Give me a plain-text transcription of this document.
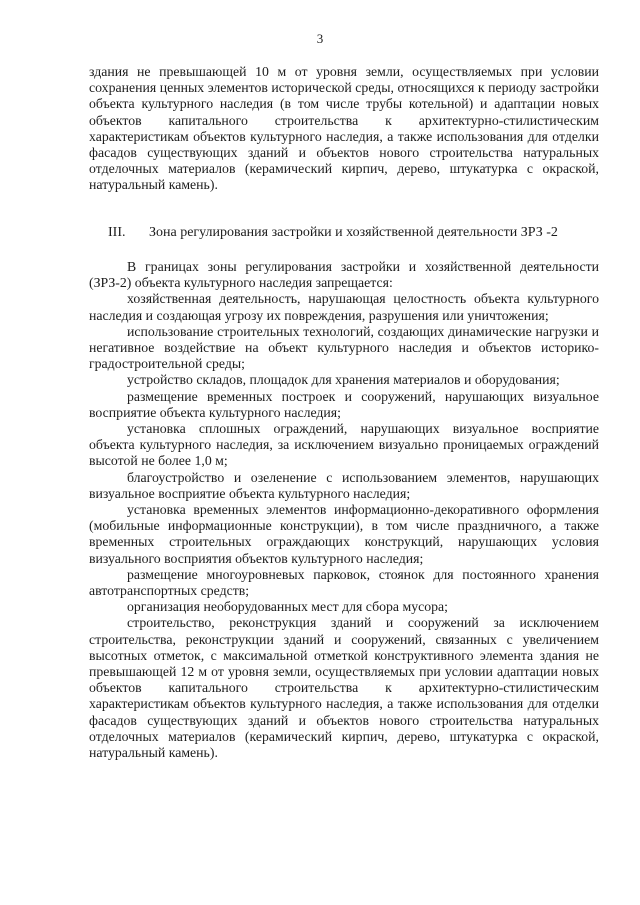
3

здания не превышающей 10 м от уровня земли, осуществляемых при условии сохранения ценных элементов исторической среды, относящихся к периоду застройки объекта культурного наследия (в том числе трубы котельной) и адаптации новых объектов капитального строительства к архитектурно-стилистическим характеристикам объектов культурного наследия, а также использования для отделки фасадов существующих зданий и объектов нового строительства натуральных отделочных материалов (керамический кирпич, дерево, штукатурка с окраской, натуральный камень).

III. Зона регулирования застройки и хозяйственной деятельности ЗРЗ -2

В границах зоны регулирования застройки и хозяйственной деятельности (ЗРЗ-2) объекта культурного наследия запрещается:

хозяйственная деятельность, нарушающая целостность объекта культурного наследия и создающая угрозу их повреждения, разрушения или уничтожения;

использование строительных технологий, создающих динамические нагрузки и негативное воздействие на объект культурного наследия и объектов историко-градостроительной среды;

устройство складов, площадок для хранения материалов и оборудования;

размещение временных построек и сооружений, нарушающих визуальное восприятие объекта культурного наследия;

установка сплошных ограждений, нарушающих визуальное восприятие объекта культурного наследия, за исключением визуально проницаемых ограждений высотой не более 1,0 м;

благоустройство и озеленение с использованием элементов, нарушающих визуальное восприятие объекта культурного наследия;

установка временных элементов информационно-декоративного оформления (мобильные информационные конструкции), в том числе праздничного, а также временных строительных ограждающих конструкций, нарушающих условия визуального восприятия объектов культурного наследия;

размещение многоуровневых парковок, стоянок для постоянного хранения автотранспортных средств;

организация необорудованных мест для сбора мусора;

строительство, реконструкция зданий и сооружений за исключением строительства, реконструкции зданий и сооружений, связанных с увеличением высотных отметок, с максимальной отметкой конструктивного элемента здания не превышающей 12 м от уровня земли, осуществляемых при условии адаптации новых объектов капитального строительства к архитектурно-стилистическим характеристикам объектов культурного наследия, а также использования для отделки фасадов существующих зданий и объектов нового строительства натуральных отделочных материалов (керамический кирпич, дерево, штукатурка с окраской, натуральный камень).
